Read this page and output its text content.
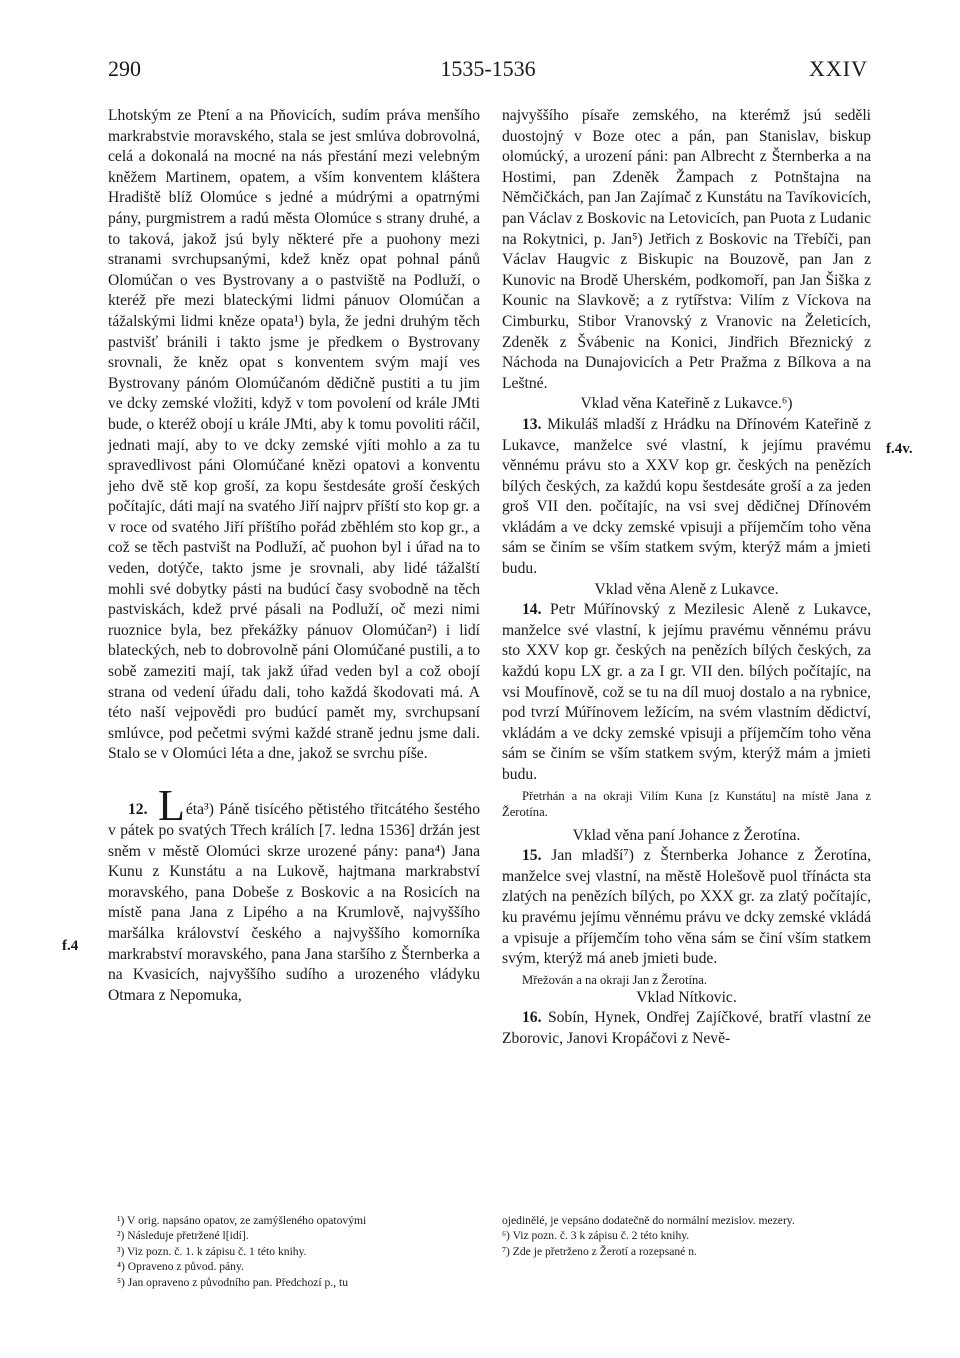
290	1535-1536	XXIV
f.4
f.4v.

Lhotským ze Ptení a na Pňovicích, sudím práva menšího markrabstvie moravského, stala se jest smlúva dobrovolná, celá a dokonalá na mocné na nás přestání mezi velebným kněžem Martinem, opatem, a vším konventem kláštera Hradiště blíž Olomúce s jedné a múdrými a opatrnými pány, purgmistrem a radú města Olomúce s strany druhé, a to taková, jakož jsú byly některé pře a puohony mezi stranami svrchupsanými, kdež kněz opat pohnal pánů Olomúčan o ves Bystrovany a o pastviště na Podluží, o kteréž pře mezi blateckými lidmi pánuov Olomúčan a tážalskými lidmi kněze opata¹) byla, že jedni druhým těch pastvišť bránili i takto jsme je předkem o Bystrovany srovnali, že kněz opat s konventem svým mají ves Bystrovany pánóm Olomúčanóm dědičně pustiti a tu jim ve dcky zemské vložiti, když v tom povolení od krále JMti bude, o kteréž obojí u krále JMti, aby k tomu povoliti ráčil, jednati mají, aby to ve dcky zemské vjíti mohlo a za tu spravedlivost páni Olomúčané knězi opatovi a konventu jeho dvě stě kop groší, za kopu šestdesáte groší českých počítajíc, dáti mají na svatého Jiří najprv příští sto kop gr. a v roce od svatého Jiří příštího pořád zběhlém sto kop gr., a což se těch pastvišt na Podluží, ač puohon byl i úřad na to veden, dotýče, takto jsme je srovnali, aby lidé tážalští mohli své dobytky pásti na budúcí časy svobodně na těch pastviskách, kdež prvé pásali na Podluží, oč mezi nimi ruoznice byla, bez překážky pánuov Olomúčan²) i lidí blateckých, neb to dobrovolně páni Olomúčané pustili, a to sobě zameziti mají, tak jakž úřad veden byl a což obojí strana od vedení úřadu dali, toho každá škodovati má. A této naší vejpovědi pro budúcí pamět my, svrchupsaní smlúvce, pod pečetmi svými každé straně jednu jsme dali. Stalo se v Olomúci léta a dne, jakož se svrchu píše.

12. Léta³) Páně tisícého pětistého třitcátého šestého v pátek po svatých Třech králích [7. ledna 1536] držán jest sněm v městě Olomúci skrze urozené pány: pana⁴) Jana Kunu z Kunstátu a na Lukově, hajtmana markrabství moravského, pana Dobeše z Boskovic a na Rosicích na místě pana Jana z Lipého a na Krumlově, najvyššího maršálka království českého a najvyššího komorníka markrabství moravského, pana Jana staršího z Šternberka a na Kvasicích, najvyššího sudího a urozeného vládyku Otmara z Nepomuka,

najvyššího písaře zemského, na kterémž jsú seděli duostojný v Boze otec a pán, pan Stanislav, biskup olomúcký, a urození páni: pan Albrecht z Šternberka a na Hostimi, pan Zdeněk Žampach z Potnštajna na Němčičkách, pan Jan Zajímač z Kunstátu na Tavíkovicích, pan Václav z Boskovic na Letovicích, pan Puota z Ludanic na Rokytnici, p. Jan⁵) Jetřich z Boskovic na Třebíči, pan Václav Haugvic z Biskupic na Bouzově, pan Jan z Kunovic na Brodě Uherském, podkomoří, pan Jan Šiška z Kounic na Slavkově; a z rytířstva: Vilím z Víckova na Cimburku, Stibor Vranovský z Vranovic na Želeticích, Zdeněk z Švábenic na Konici, Jindřich Březnický z Náchoda na Dunajovicích a Petr Pražma z Bílkova a na Leštné.

Vklad věna Kateřině z Lukavce.⁶)

13. Mikuláš mladší z Hrádku na Dřínovém Kateřině z Lukavce, manželce své vlastní, k jejímu pravému věnnému právu sto a XXV kop gr. českých na penězích bílých českých, za každú kopu šestdesáte groší a za jeden groš VII den. počítajíc, na vsi svej dědičnej Dřínovém vkládám a ve dcky zemské vpisuji a příjemčím toho věna sám se činím se vším statkem svým, kterýž mám a jmieti budu.

Vklad věna Aleně z Lukavce.

14. Petr Múřínovský z Mezilesic Aleně z Lukavce, manželce své vlastní, k jejímu pravému věnnému právu sto XXV kop gr. českých na penězích bílých českých, za každú kopu LX gr. a za I gr. VII den. bílých počítajíc, na vsi Moufínově, což se tu na díl muoj dostalo a na rybnice, pod tvrzí Múřínovem ležícím, na svém vlastním dědictví, vkládám a ve dcky zemské vpisuji a příjemčím toho věna sám se činím se vším statkem svým, kterýž mám a jmieti budu.

Přetrhán a na okraji Vilím Kuna [z Kunstátu] na místě Jana z Žerotína.

Vklad věna paní Johance z Žerotína.

15. Jan mladší⁷) z Šternberka Johance z Žerotína, manželce svej vlastní, na městě Holešově puol třínácta sta zlatých na penězích bílých, po XXX gr. za zlatý počítajíc, ku pravému jejímu věnnému právu ve dcky zemské vkládá a vpisuje a příjemčím toho věna sám se činí vším statkem svým, kterýž má aneb jmieti bude.

Mřežován a na okraji Jan z Žerotína.

Vklad Nítkovic.

16. Sobín, Hynek, Ondřej Zajíčkové, bratří vlastní ze Zborovic, Janovi Kropáčovi z Nevě-

¹) V orig. napsáno opatov, ze zamýšleného opatovými
²) Následuje přetržené l[idí].
³) Viz pozn. č. 1. k zápisu č. 1 této knihy.
⁴) Opraveno z původ. pány.
⁵) Jan opraveno z původního pan. Předchozí p., tu
ojedinělé, je vepsáno dodatečně do normální mezislov. mezery.
⁶) Viz pozn. č. 3 k zápisu č. 2 této knihy.
⁷) Zde je přetrženo z Žerotí a rozepsané n.
